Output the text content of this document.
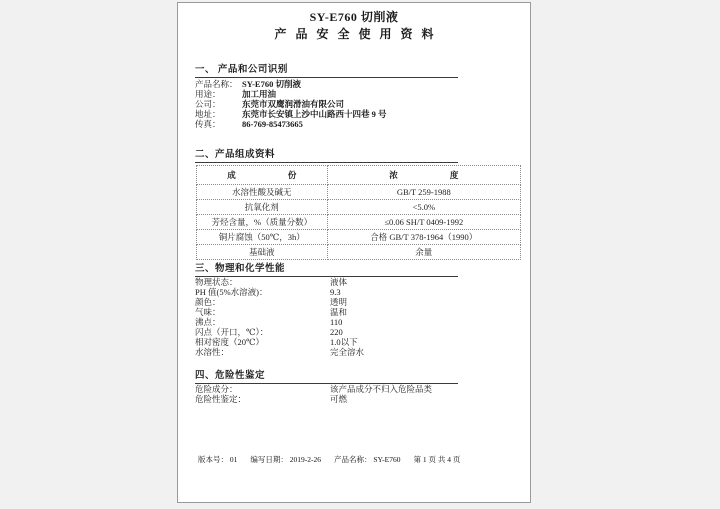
SY-E760 切削液
产品安全使用资料
一、 产品和公司识别
产品名称： SY-E760 切削液
用途：	加工用油
公司：	东莞市双鹰润滑油有限公司
地址：	东莞市长安镇上沙中山路西十四巷 9 号
传真：	86-769-85473665
二、产品组成资料
成 份	浓 度
水溶性酸及碱无	GB/T 259-1988
抗氧化剂	<5.0%
芳烃含量，%（质量分数）	≤0.06 SH/T 0409-1992
铜片腐蚀（50℃，3h）	合格 GB/T 378-1964（1990）
基础液	余量
三、物理和化学性能
物理状态：	液体
PH 值(5%水溶液)：	9.3
颜色：	透明
气味：	温和
沸点：	110
闪点（开口，℃）：	220
相对密度（20℃）	1.0以下
水溶性：	完全溶水
四、危险性鉴定
危险成分：	该产品成分不归入危险品类
危险性鉴定：	可燃
版本号： 01 编写日期： 2019-2-26 产品名称： SY-E760 第 1 页 共 4 页
